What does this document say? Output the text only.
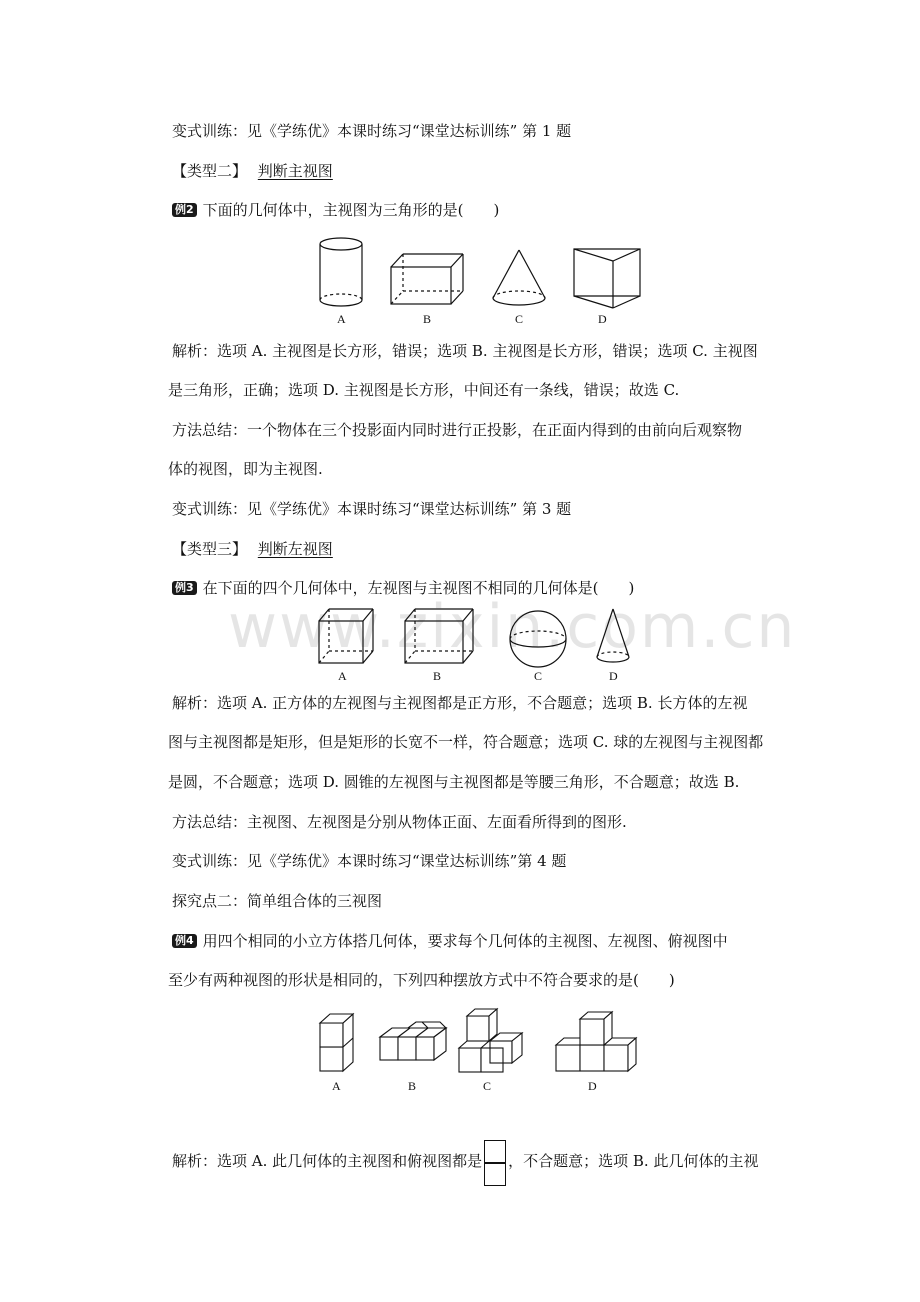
变式训练：见《学练优》本课时练习“课堂达标训练” 第 1 题
【类型二】 判断主视图
例2 下面的几何体中，主视图为三角形的是(　　)
A	B	C	D
解析：选项 A. 主视图是长方形，错误；选项 B. 主视图是长方形，错误；选项 C. 主视图
是三角形，正确；选项 D. 主视图是长方形，中间还有一条线，错误；故选 C.
方法总结：一个物体在三个投影面内同时进行正投影，在正面内得到的由前向后观察物
体的视图，即为主视图.
变式训练：见《学练优》本课时练习“课堂达标训练” 第 3 题
【类型三】 判断左视图
例3 在下面的四个几何体中，左视图与主视图不相同的几何体是(　　)
www.zixin.com.cn
A	B	C	D
解析：选项 A. 正方体的左视图与主视图都是正方形，不合题意；选项 B. 长方体的左视
图与主视图都是矩形，但是矩形的长宽不一样，符合题意；选项 C. 球的左视图与主视图都
是圆，不合题意；选项 D. 圆锥的左视图与主视图都是等腰三角形，不合题意；故选 B.
方法总结：主视图、左视图是分别从物体正面、左面看所得到的图形.
变式训练：见《学练优》本课时练习“课堂达标训练”第 4 题
探究点二：简单组合体的三视图
例4 用四个相同的小立方体搭几何体，要求每个几何体的主视图、左视图、俯视图中
至少有两种视图的形状是相同的，下列四种摆放方式中不符合要求的是(　　)
A	B	C	D
解析：选项 A. 此几何体的主视图和俯视图都是 ，不合题意；选项 B. 此几何体的主视
